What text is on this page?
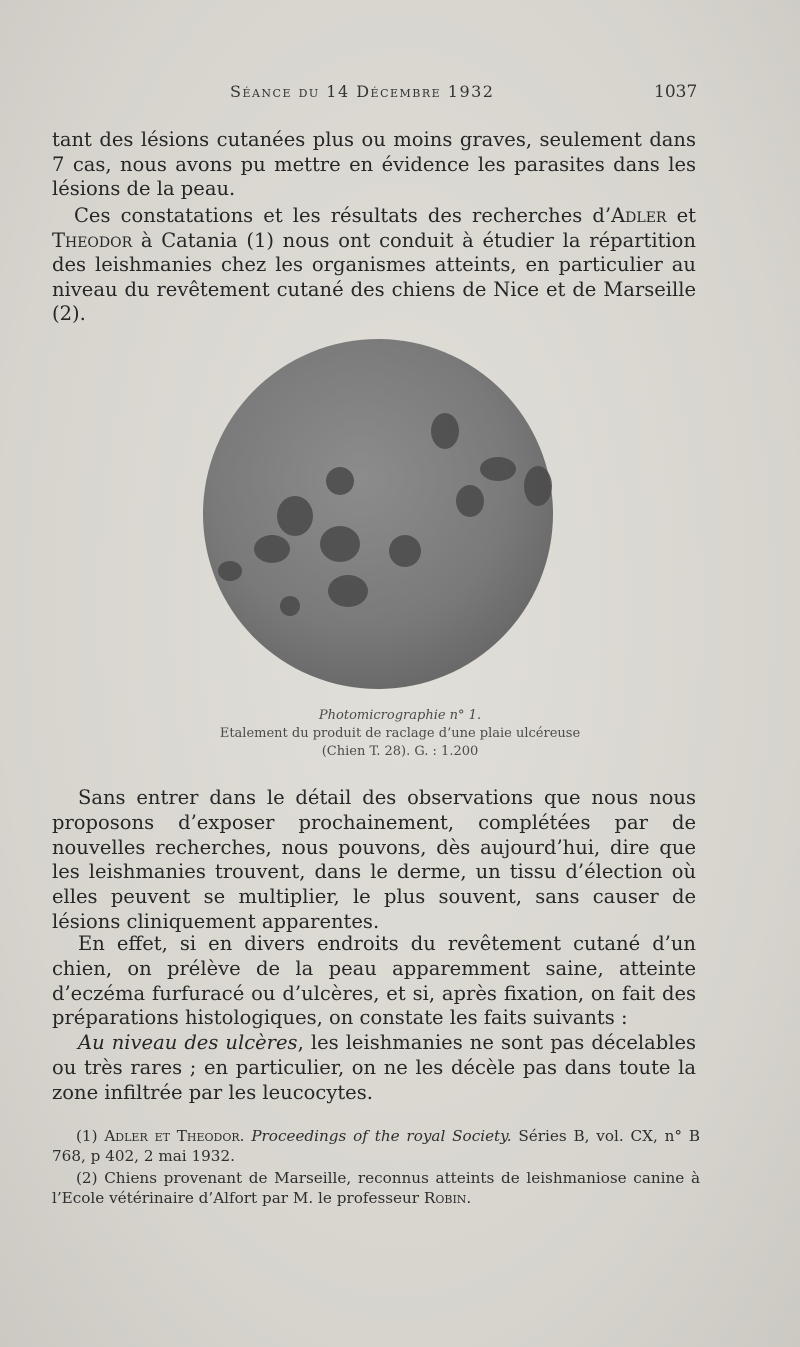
Séance du 14 Décembre 1932	1037
tant des lésions cutanées plus ou moins graves, seulement dans 7 cas, nous avons pu mettre en évidence les parasites dans les lésions de la peau.
Ces constatations et les résultats des recherches d’Adler et Theodor à Catania (1) nous ont conduit à étudier la répartition des leishmanies chez les organismes atteints, en particulier au niveau du revêtement cutané des chiens de Nice et de Marseille (2).
Photomicrographie n° 1.
Etalement du produit de raclage d’une plaie ulcéreuse
(Chien T. 28). G. : 1.200
Sans entrer dans le détail des observations que nous nous proposons d’exposer prochainement, complétées par de nouvelles recherches, nous pouvons, dès aujourd’hui, dire que les leishmanies trouvent, dans le derme, un tissu d’élection où elles peuvent se multiplier, le plus souvent, sans causer de lésions cliniquement apparentes.
En effet, si en divers endroits du revêtement cutané d’un chien, on prélève de la peau apparemment saine, atteinte d’eczéma furfuracé ou d’ulcères, et si, après fixation, on fait des préparations histologiques, on constate les faits suivants :
Au niveau des ulcères, les leishmanies ne sont pas décelables ou très rares ; en particulier, on ne les décèle pas dans toute la zone infiltrée par les leucocytes.
(1) Adler et Theodor. Proceedings of the royal Society. Séries B, vol. CX, n° B 768, p 402, 2 mai 1932.
(2) Chiens provenant de Marseille, reconnus atteints de leishmaniose canine à l’Ecole vétérinaire d’Alfort par M. le professeur Robin.
